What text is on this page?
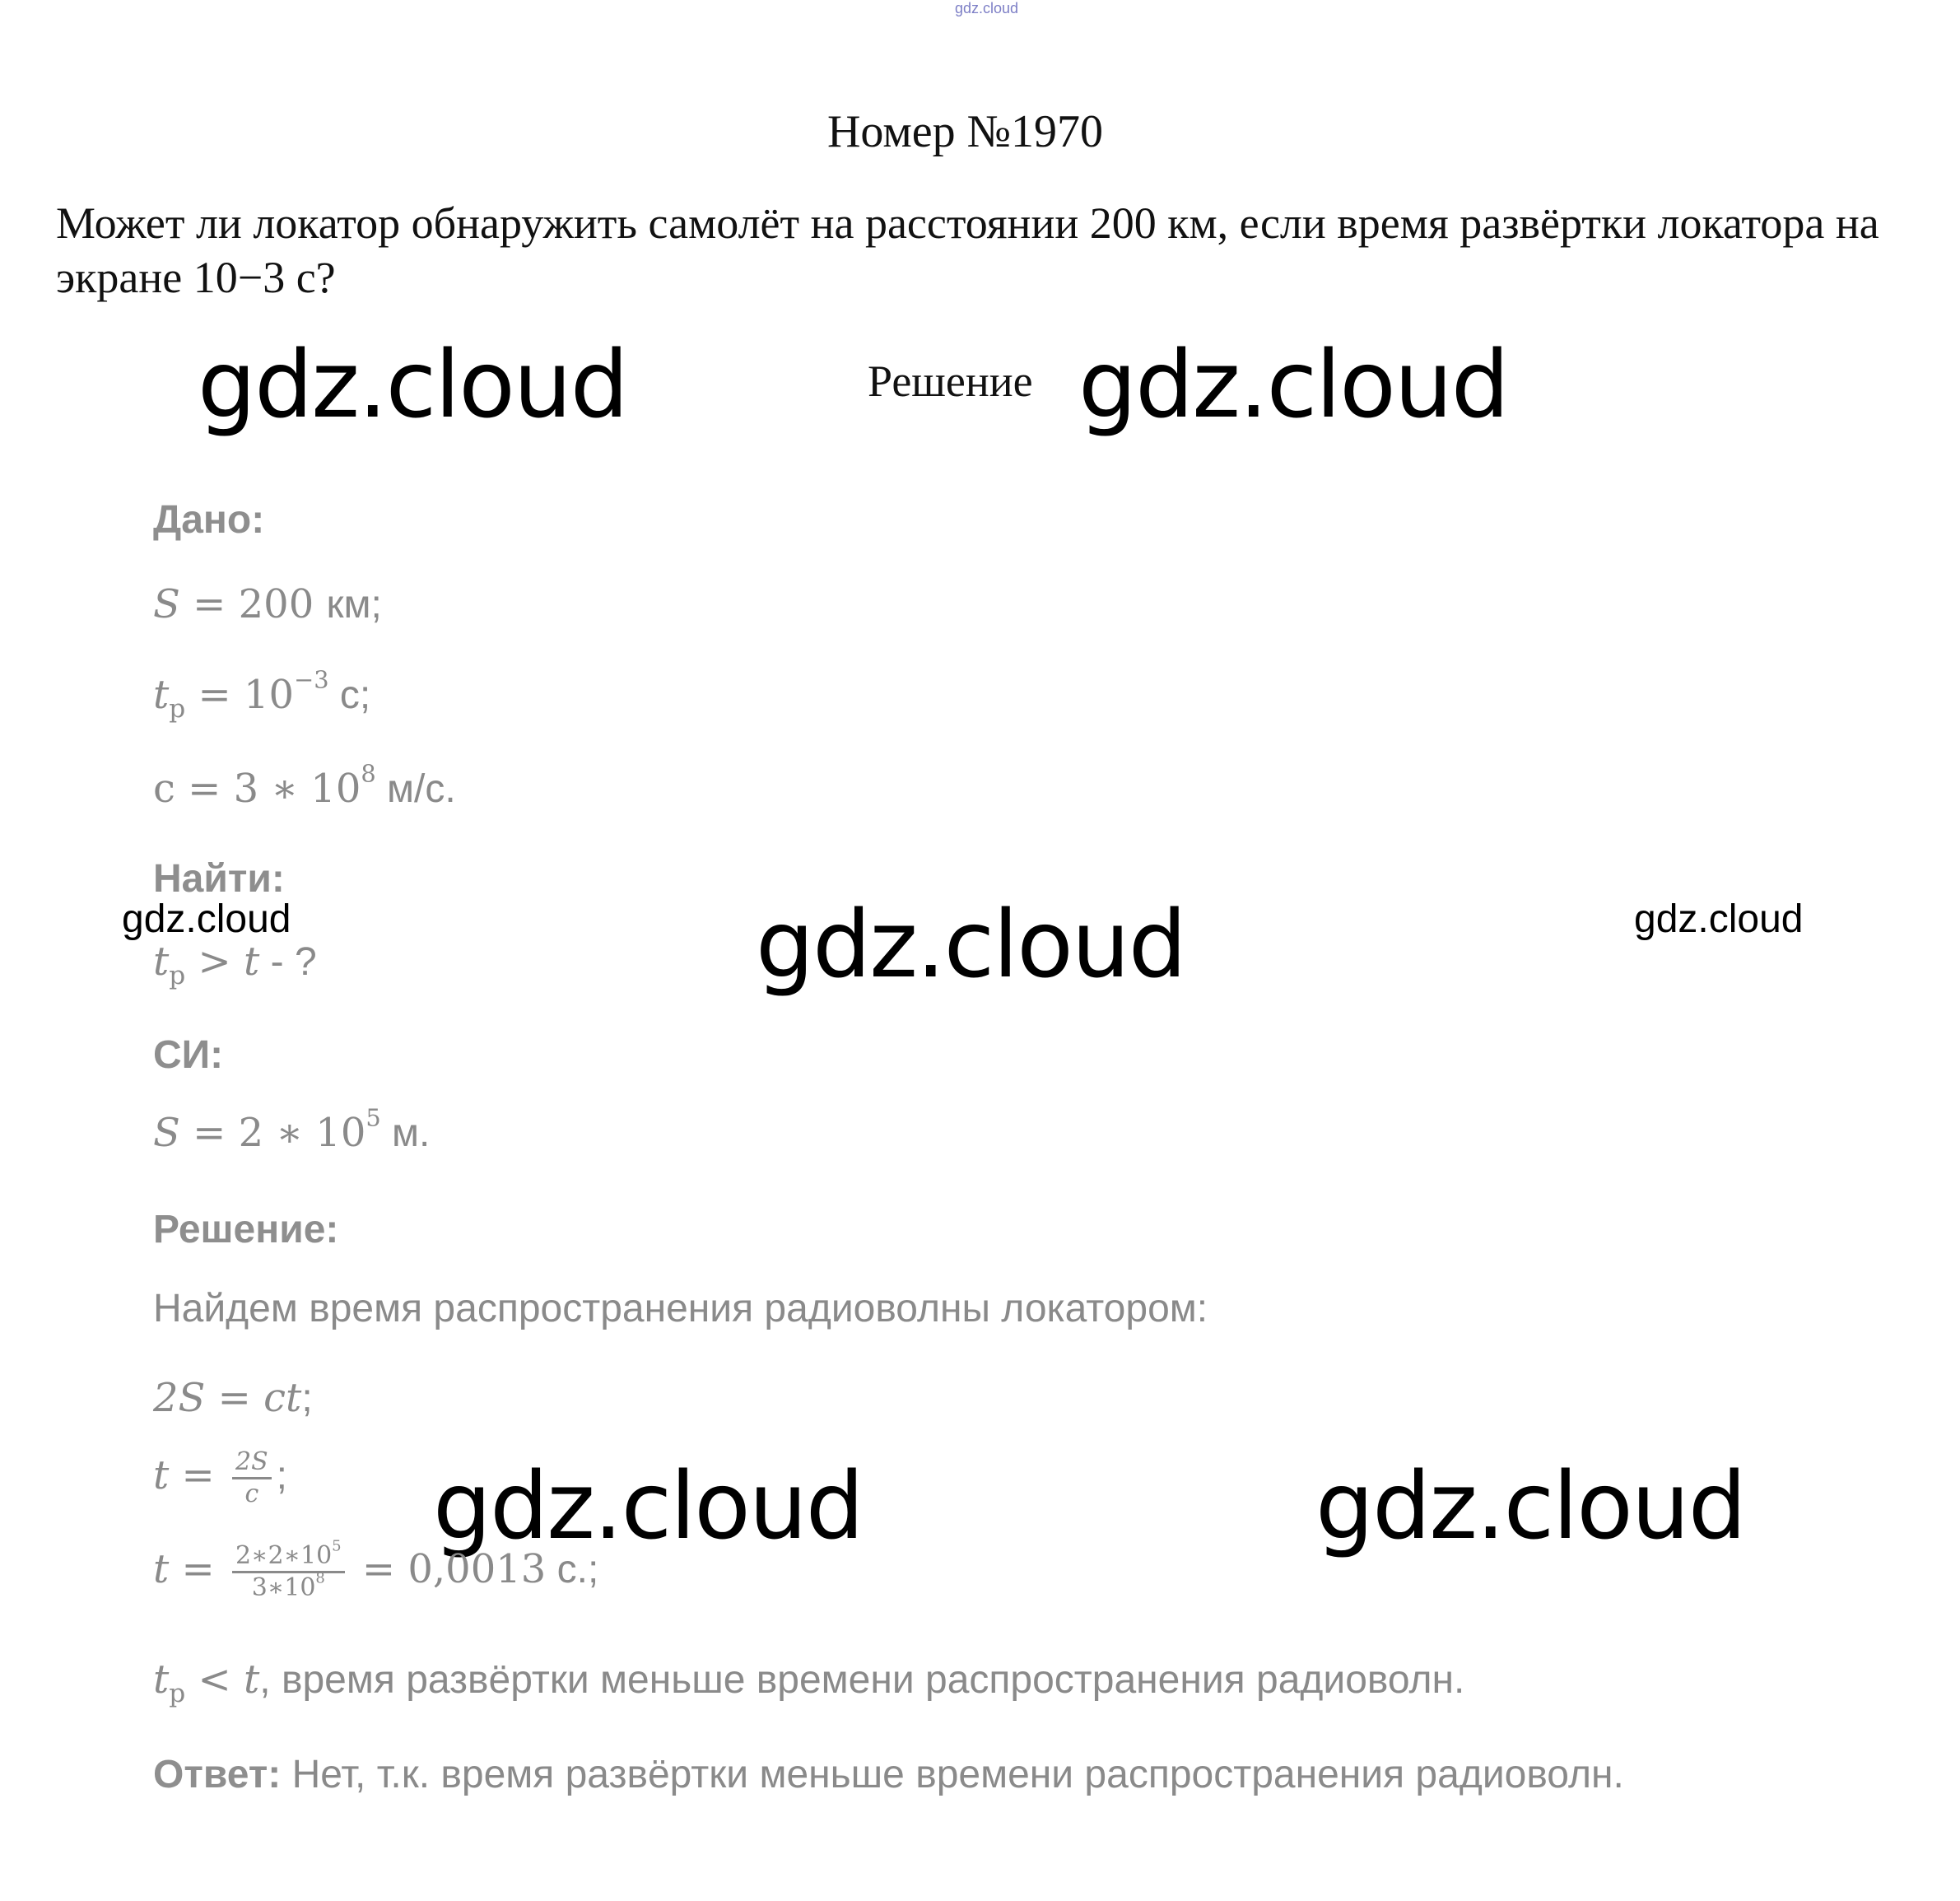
gdz.cloud
Номер №1970
Может ли локатор обнаружить самолёт на расстоянии 200 км, если время развёртки локатора на экране 10−3 с?
Решение
gdz.cloud	gdz.cloud
gdz.cloud	gdz.cloud	gdz.cloud
gdz.cloud	gdz.cloud
Дано:
S = 200 км;
$t_р = 10^{-3}$ с;
c = 3 ∗ $10^8$ м/с.
Найти:
$t_р > t$ - ?
СИ:
S = 2 ∗ $10^5$ м.
Решение:
Найдем время распространения радиоволны локатором:
2S = ct;
$t = \frac{2S}{c}$ ;
$t = \frac{2∗2∗10^5}{3∗10^8} = 0,0013$ с.;
$t_р < t$, время развёртки меньше времени распространения радиоволн.
Ответ: Нет, т.к. время развёртки меньше времени распространения радиоволн.
